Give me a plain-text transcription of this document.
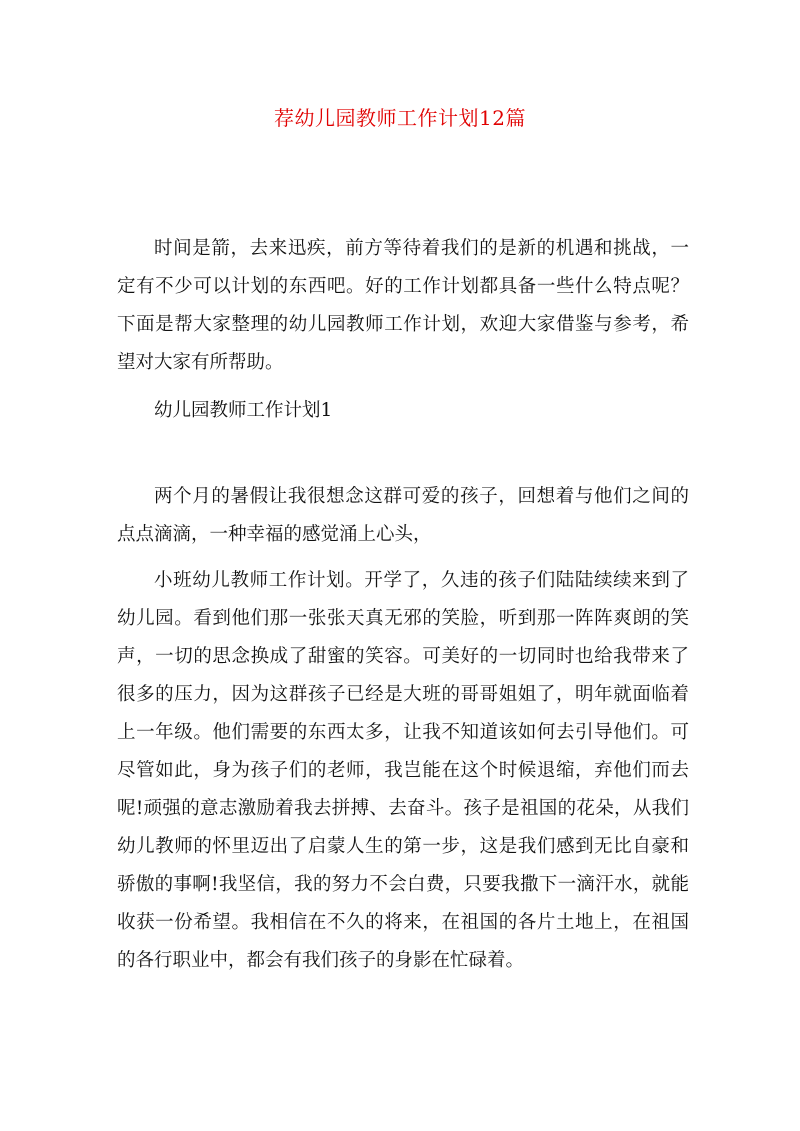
荐幼儿园教师工作计划12篇

时间是箭，去来迅疾，前方等待着我们的是新的机遇和挑战，一定有不少可以计划的东西吧。好的工作计划都具备一些什么特点呢？下面是帮大家整理的幼儿园教师工作计划，欢迎大家借鉴与参考，希望对大家有所帮助。

幼儿园教师工作计划1

两个月的暑假让我很想念这群可爱的孩子，回想着与他们之间的点点滴滴，一种幸福的感觉涌上心头，

小班幼儿教师工作计划。开学了，久违的孩子们陆陆续续来到了幼儿园。看到他们那一张张天真无邪的笑脸，听到那一阵阵爽朗的笑声，一切的思念换成了甜蜜的笑容。可美好的一切同时也给我带来了很多的压力，因为这群孩子已经是大班的哥哥姐姐了，明年就面临着上一年级。他们需要的东西太多，让我不知道该如何去引导他们。可尽管如此，身为孩子们的老师，我岂能在这个时候退缩，弃他们而去呢!顽强的意志激励着我去拼搏、去奋斗。孩子是祖国的花朵，从我们幼儿教师的怀里迈出了启蒙人生的第一步，这是我们感到无比自豪和骄傲的事啊!我坚信，我的努力不会白费，只要我撒下一滴汗水，就能收获一份希望。我相信在不久的将来，在祖国的各片土地上，在祖国的各行职业中，都会有我们孩子的身影在忙碌着。
